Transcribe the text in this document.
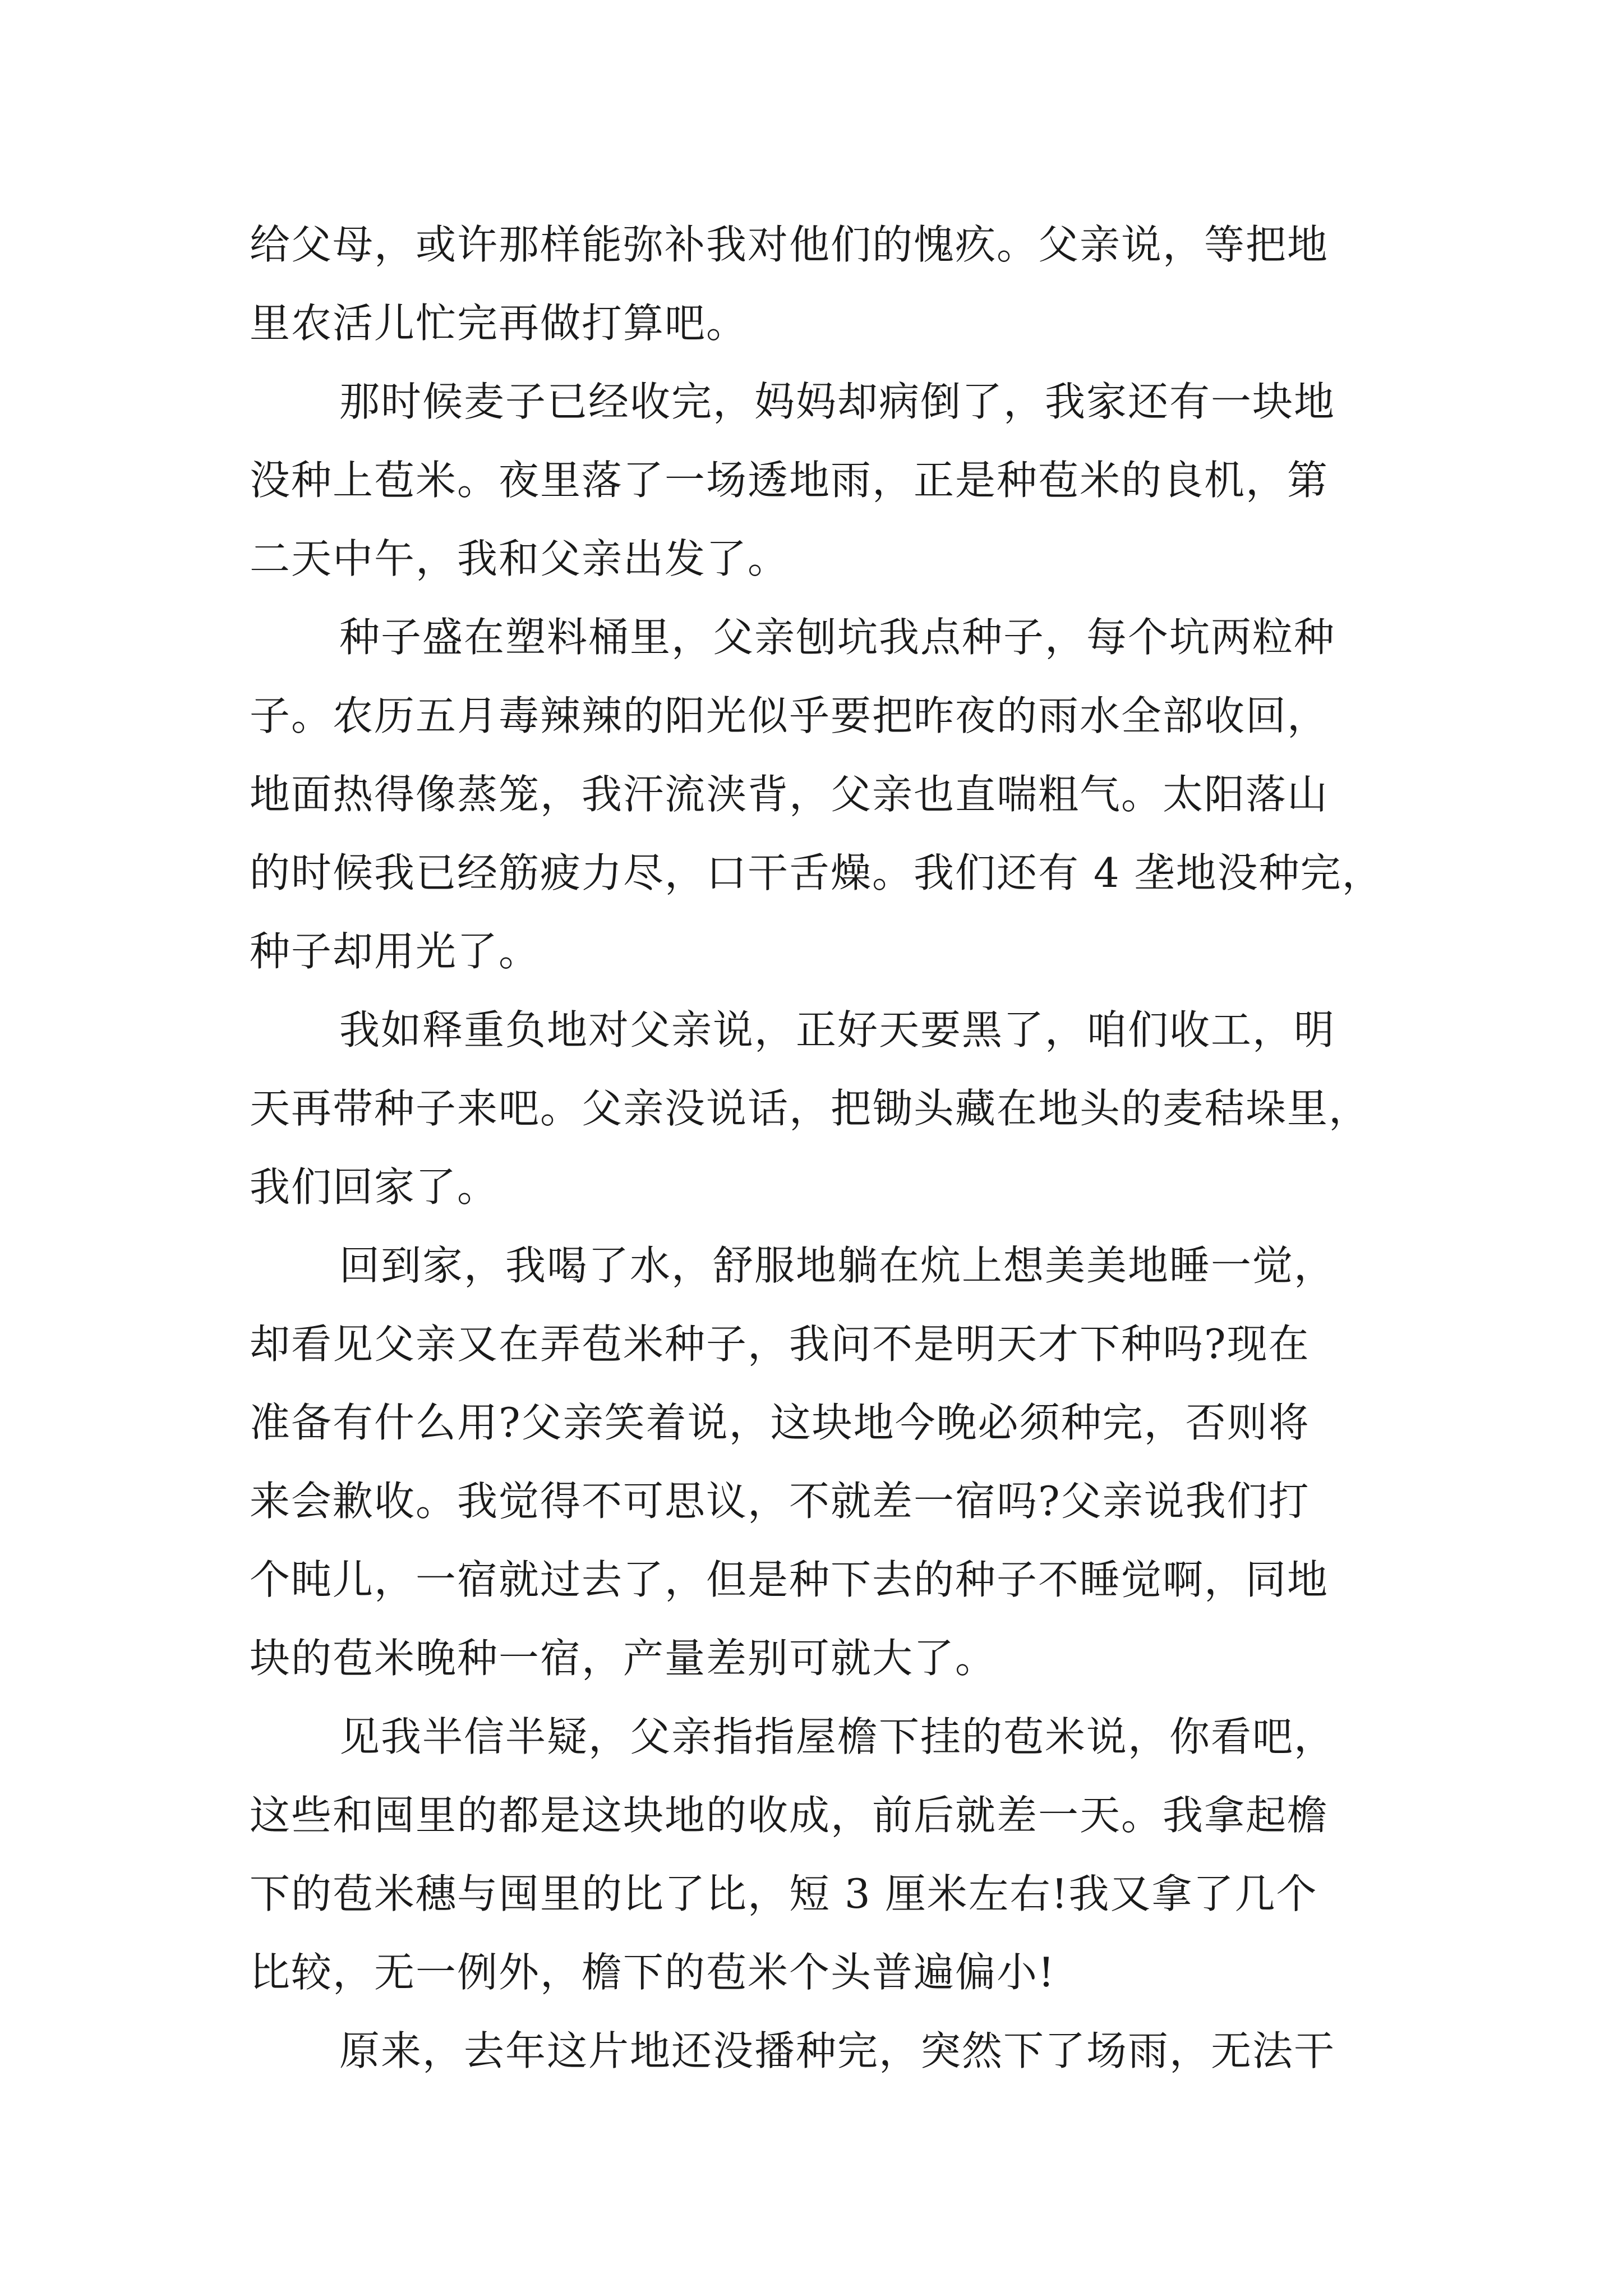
给父母，或许那样能弥补我对他们的愧疚。父亲说，等把地
里农活儿忙完再做打算吧。

那时候麦子已经收完，妈妈却病倒了，我家还有一块地
没种上苞米。夜里落了一场透地雨，正是种苞米的良机，第
二天中午，我和父亲出发了。

种子盛在塑料桶里，父亲刨坑我点种子，每个坑两粒种
子。农历五月毒辣辣的阳光似乎要把昨夜的雨水全部收回，
地面热得像蒸笼，我汗流浃背，父亲也直喘粗气。太阳落山
的时候我已经筋疲力尽，口干舌燥。我们还有 4 垄地没种完，
种子却用光了。

我如释重负地对父亲说，正好天要黑了，咱们收工，明
天再带种子来吧。父亲没说话，把锄头藏在地头的麦秸垛里，
我们回家了。

回到家，我喝了水，舒服地躺在炕上想美美地睡一觉，
却看见父亲又在弄苞米种子，我问不是明天才下种吗?现在
准备有什么用?父亲笑着说，这块地今晚必须种完，否则将
来会歉收。我觉得不可思议，不就差一宿吗?父亲说我们打
个盹儿，一宿就过去了，但是种下去的种子不睡觉啊，同地
块的苞米晚种一宿，产量差别可就大了。

见我半信半疑，父亲指指屋檐下挂的苞米说，你看吧，
这些和囤里的都是这块地的收成，前后就差一天。我拿起檐
下的苞米穗与囤里的比了比，短 3 厘米左右!我又拿了几个
比较，无一例外，檐下的苞米个头普遍偏小!

原来，去年这片地还没播种完，突然下了场雨，无法干
